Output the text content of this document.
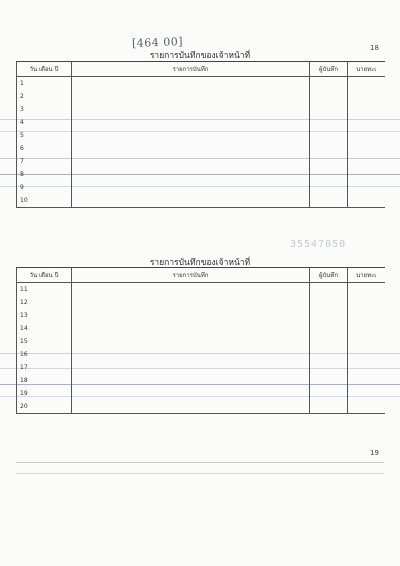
[464 00]	18
รายการบันทึกของเจ้าหน้าที่
วัน เดือน ปี	รายการบันทึก	ผู้บันทึก	นายทะเ
1			
2			
3			
4			
5			
6			
7			
8			
9			
10			
35547050
รายการบันทึกของเจ้าหน้าที่
วัน เดือน ปี	รายการบันทึก	ผู้บันทึก	นายทะเ
11			
12			
13			
14			
15			
16			
17			
18			
19			
20			
19
